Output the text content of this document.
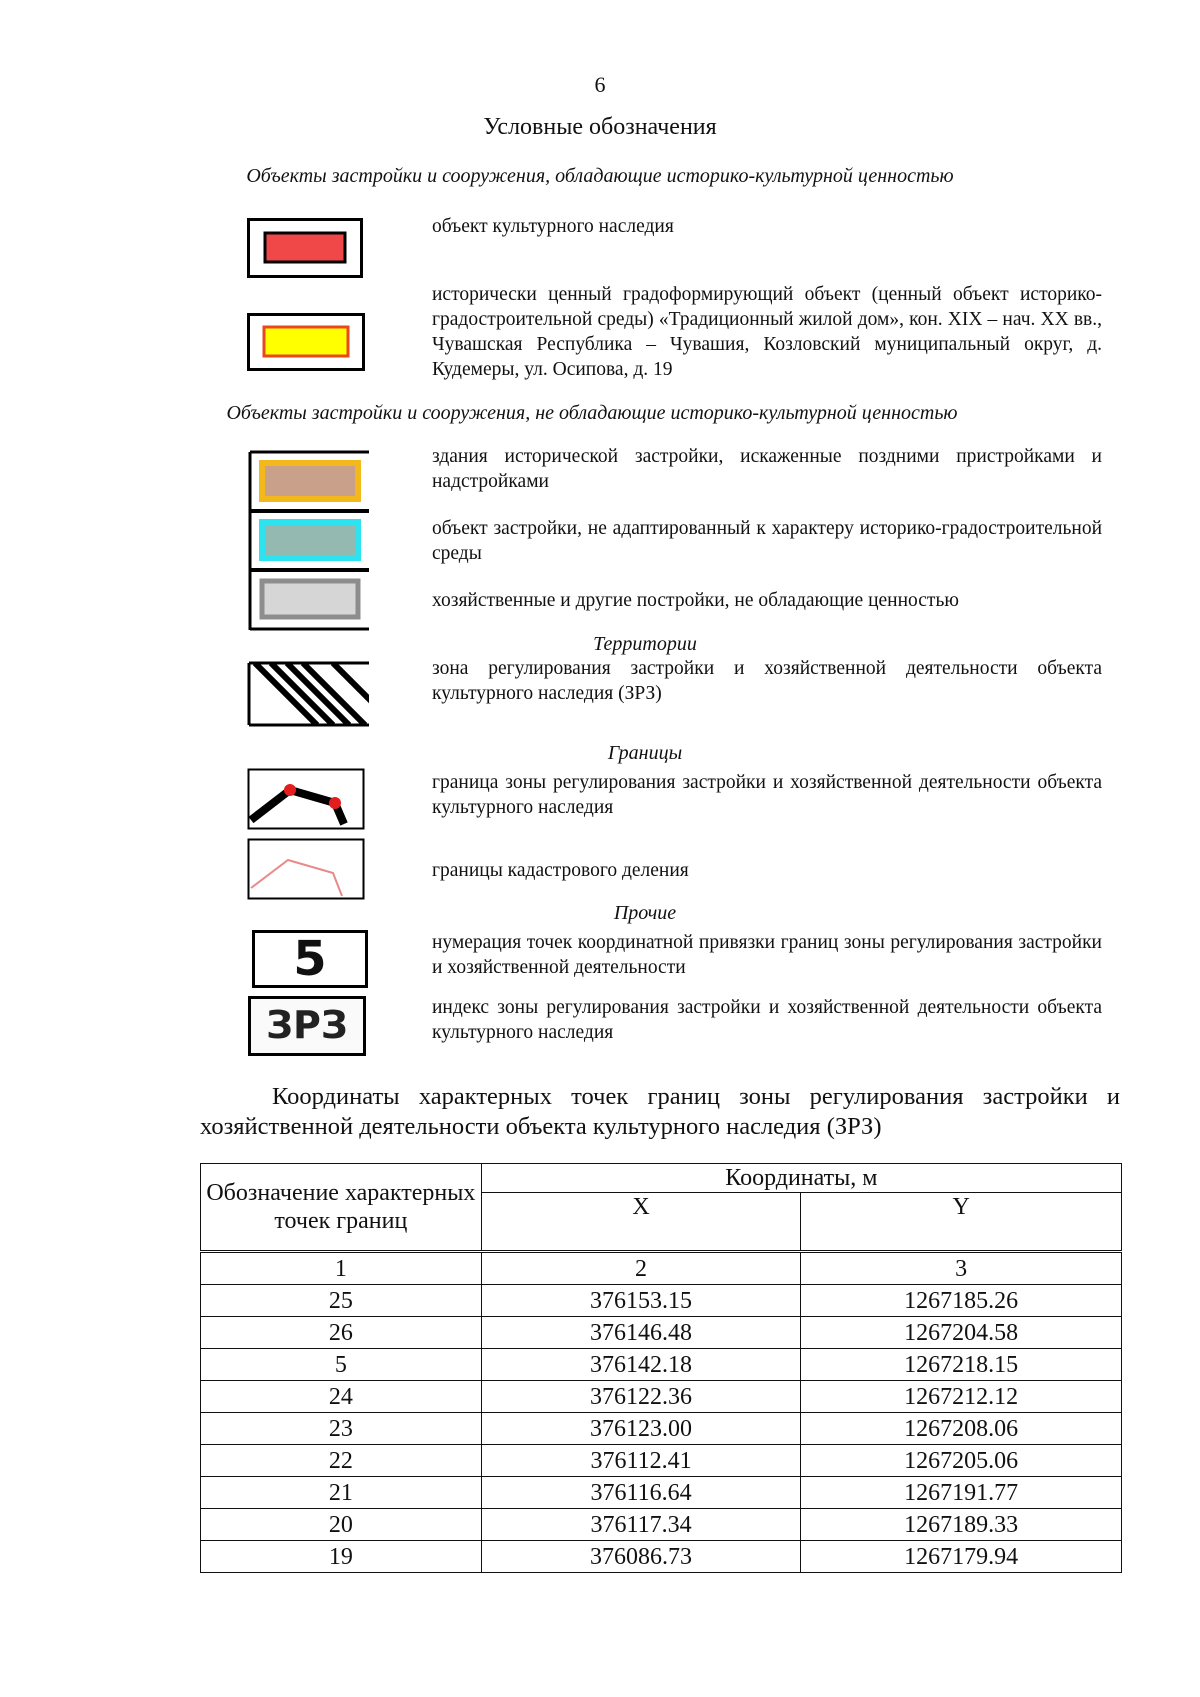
6
Условные обозначения
Объекты застройки и сооружения, обладающие историко-культурной ценностью
объект культурного наследия
исторически ценный градоформирующий объект (ценный объект историко-градостроительной среды) «Традиционный жилой дом», кон. XIX – нач. XX вв., Чувашская Республика – Чувашия, Козловский муниципальный округ, д. Кудемеры, ул. Осипова, д. 19
Объекты застройки и сооружения, не обладающие историко-культурной ценностью
здания исторической застройки, искаженные поздними пристройками и надстройками
объект застройки, не адаптированный к характеру историко-градостроительной среды
хозяйственные и другие постройки, не обладающие ценностью
Территории
зона регулирования застройки и хозяйственной деятельности объекта культурного наследия (ЗРЗ)
Границы
граница зоны регулирования застройки и хозяйственной деятельности объекта культурного наследия
границы кадастрового деления
Прочие
5
ЗРЗ
нумерация точек координатной привязки границ зоны регулирования застройки и хозяйственной деятельности
индекс зоны регулирования застройки и хозяйственной деятельности объекта культурного наследия
Координаты характерных точек границ зоны регулирования застройки и хозяйственной деятельности объекта культурного наследия (ЗРЗ)
Обозначение характерных точек границ	Координаты, м	
	X	Y
1	2	3
25	376153.15	1267185.26
26	376146.48	1267204.58
5	376142.18	1267218.15
24	376122.36	1267212.12
23	376123.00	1267208.06
22	376112.41	1267205.06
21	376116.64	1267191.77
20	376117.34	1267189.33
19	376086.73	1267179.94
